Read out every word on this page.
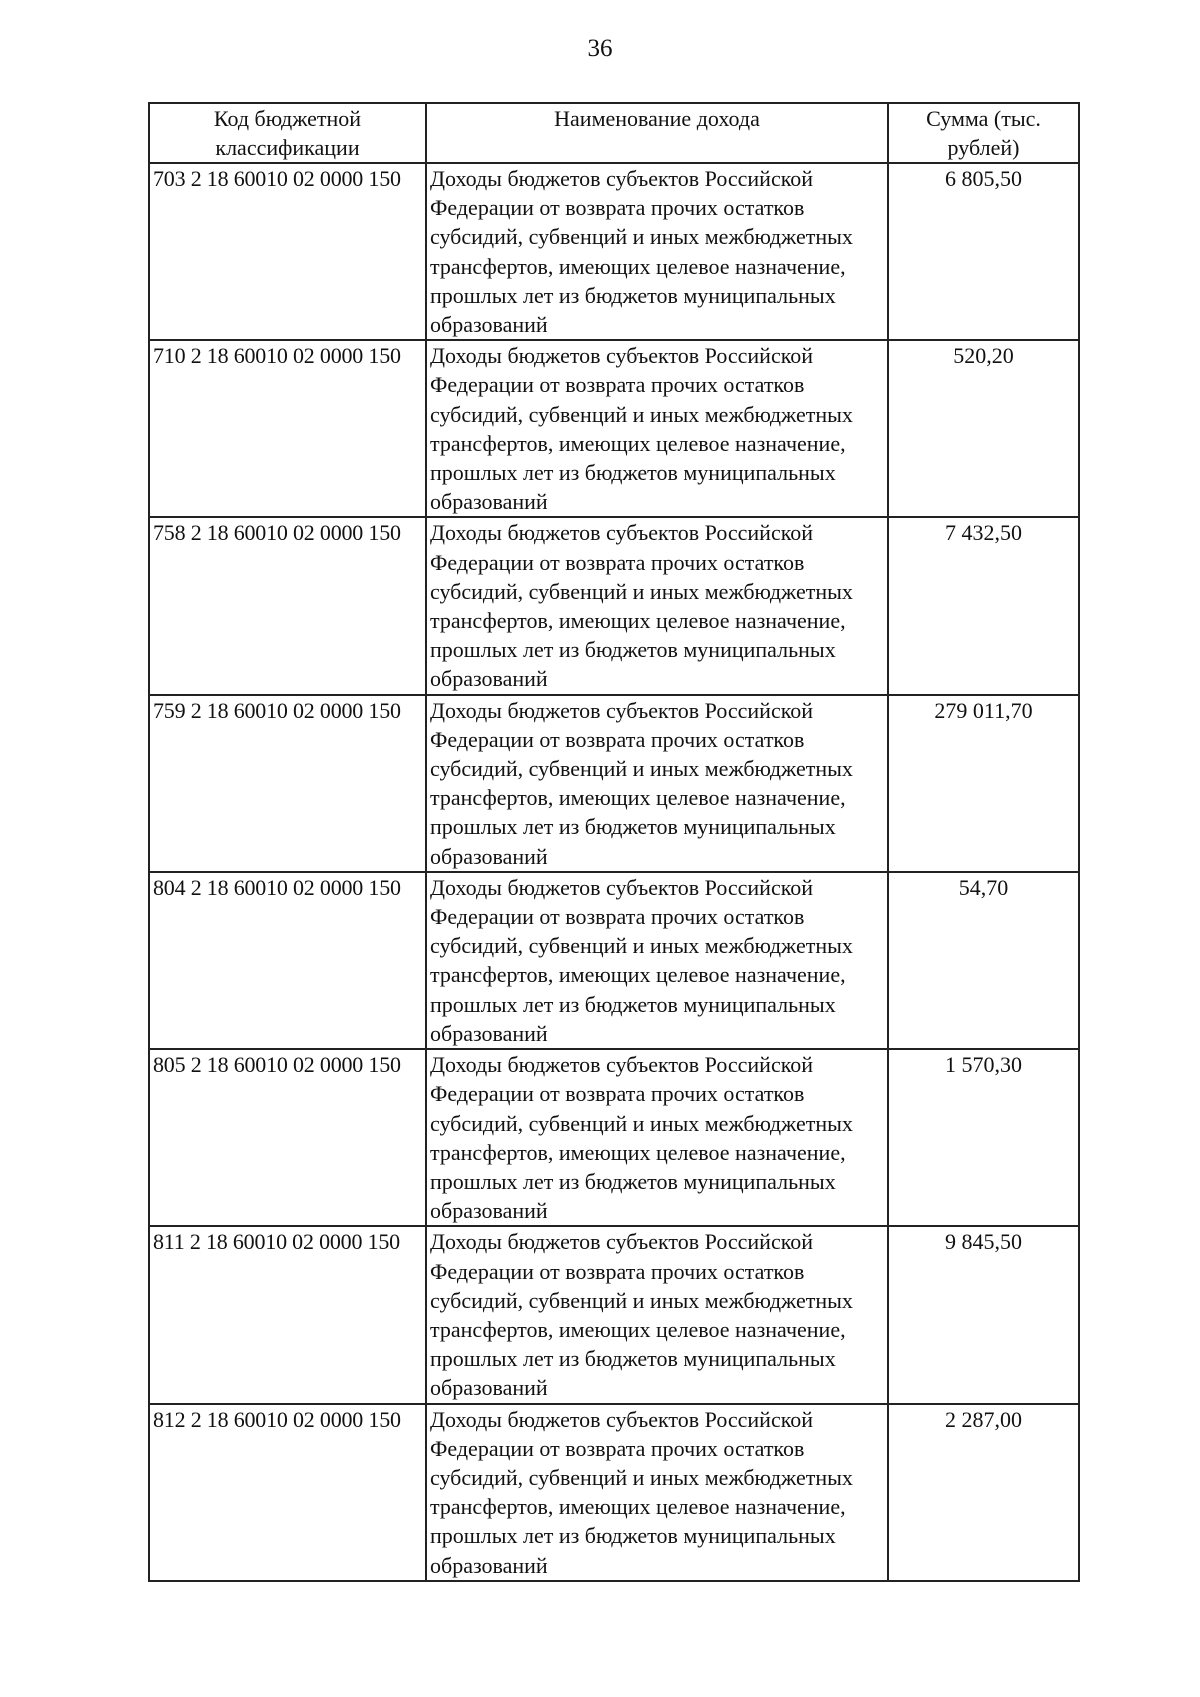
36
Код бюджетной классификации	Наименование дохода	Сумма (тыс. рублей)
703 2 18 60010 02 0000 150	Доходы бюджетов субъектов Российской Федерации от возврата прочих остатков субсидий, субвенций и иных межбюджетных трансфертов, имеющих целевое назначение, прошлых лет из бюджетов муниципальных образований	6 805,50
710 2 18 60010 02 0000 150	Доходы бюджетов субъектов Российской Федерации от возврата прочих остатков субсидий, субвенций и иных межбюджетных трансфертов, имеющих целевое назначение, прошлых лет из бюджетов муниципальных образований	520,20
758 2 18 60010 02 0000 150	Доходы бюджетов субъектов Российской Федерации от возврата прочих остатков субсидий, субвенций и иных межбюджетных трансфертов, имеющих целевое назначение, прошлых лет из бюджетов муниципальных образований	7 432,50
759 2 18 60010 02 0000 150	Доходы бюджетов субъектов Российской Федерации от возврата прочих остатков субсидий, субвенций и иных межбюджетных трансфертов, имеющих целевое назначение, прошлых лет из бюджетов муниципальных образований	279 011,70
804 2 18 60010 02 0000 150	Доходы бюджетов субъектов Российской Федерации от возврата прочих остатков субсидий, субвенций и иных межбюджетных трансфертов, имеющих целевое назначение, прошлых лет из бюджетов муниципальных образований	54,70
805 2 18 60010 02 0000 150	Доходы бюджетов субъектов Российской Федерации от возврата прочих остатков субсидий, субвенций и иных межбюджетных трансфертов, имеющих целевое назначение, прошлых лет из бюджетов муниципальных образований	1 570,30
811 2 18 60010 02 0000 150	Доходы бюджетов субъектов Российской Федерации от возврата прочих остатков субсидий, субвенций и иных межбюджетных трансфертов, имеющих целевое назначение, прошлых лет из бюджетов муниципальных образований	9 845,50
812 2 18 60010 02 0000 150	Доходы бюджетов субъектов Российской Федерации от возврата прочих остатков субсидий, субвенций и иных межбюджетных трансфертов, имеющих целевое назначение, прошлых лет из бюджетов муниципальных образований	2 287,00
